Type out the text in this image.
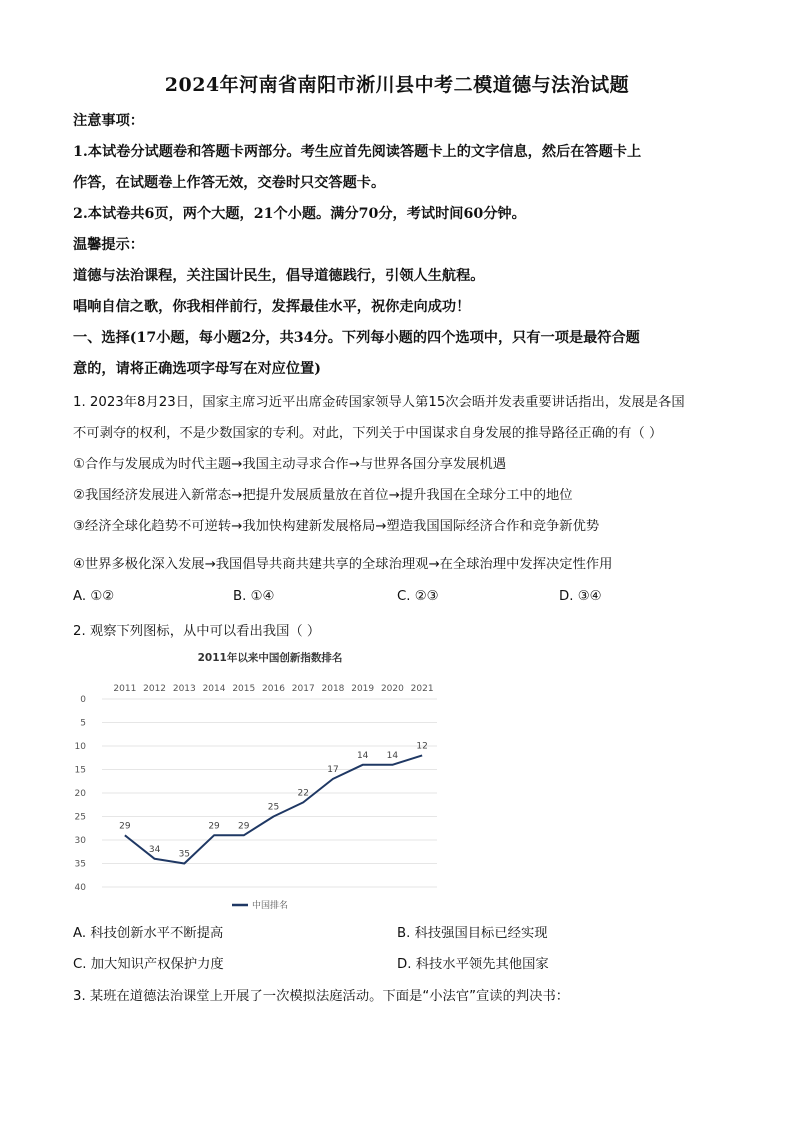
2024年河南省南阳市淅川县中考二模道德与法治试题
注意事项：
1.本试卷分试题卷和答题卡两部分。考生应首先阅读答题卡上的文字信息，然后在答题卡上
作答，在试题卷上作答无效，交卷时只交答题卡。
2.本试卷共6页，两个大题，21个小题。满分70分，考试时间60分钟。
温馨提示：
道德与法治课程，关注国计民生，倡导道德践行，引领人生航程。
唱响自信之歌，你我相伴前行，发挥最佳水平，祝你走向成功！
一、选择(17小题，每小题2分，共34分。下列每小题的四个选项中，只有一项是最符合题
意的，请将正确选项字母写在对应位置)
1. 2023年8月23日，国家主席习近平出席金砖国家领导人第15次会晤并发表重要讲话指出，发展是各国
不可剥夺的权利，不是少数国家的专利。对此，下列关于中国谋求自身发展的推导路径正确的有（ ）
①合作与发展成为时代主题→我国主动寻求合作→与世界各国分享发展机遇
②我国经济发展进入新常态→把提升发展质量放在首位→提升我国在全球分工中的地位
③经济全球化趋势不可逆转→我加快构建新发展格局→塑造我国国际经济合作和竞争新优势
④世界多极化深入发展→我国倡导共商共建共享的全球治理观→在全球治理中发挥决定性作用
A. ①②	B. ①④	C. ②③	D. ③④
2. 观察下列图标，从中可以看出我国（ ）
2011年以来中国创新指数排名
2011 2012 2013 2014 2015 2016 2017 2018 2019 2020 2021
0
5
10
15
20
25
30
35
40
29
34 35
29 29
25
22
17
14 14
12
中国排名
A. 科技创新水平不断提高	B. 科技强国目标已经实现
C. 加大知识产权保护力度	D. 科技水平领先其他国家
3. 某班在道德法治课堂上开展了一次模拟法庭活动。下面是“小法官”宣读的判决书：
